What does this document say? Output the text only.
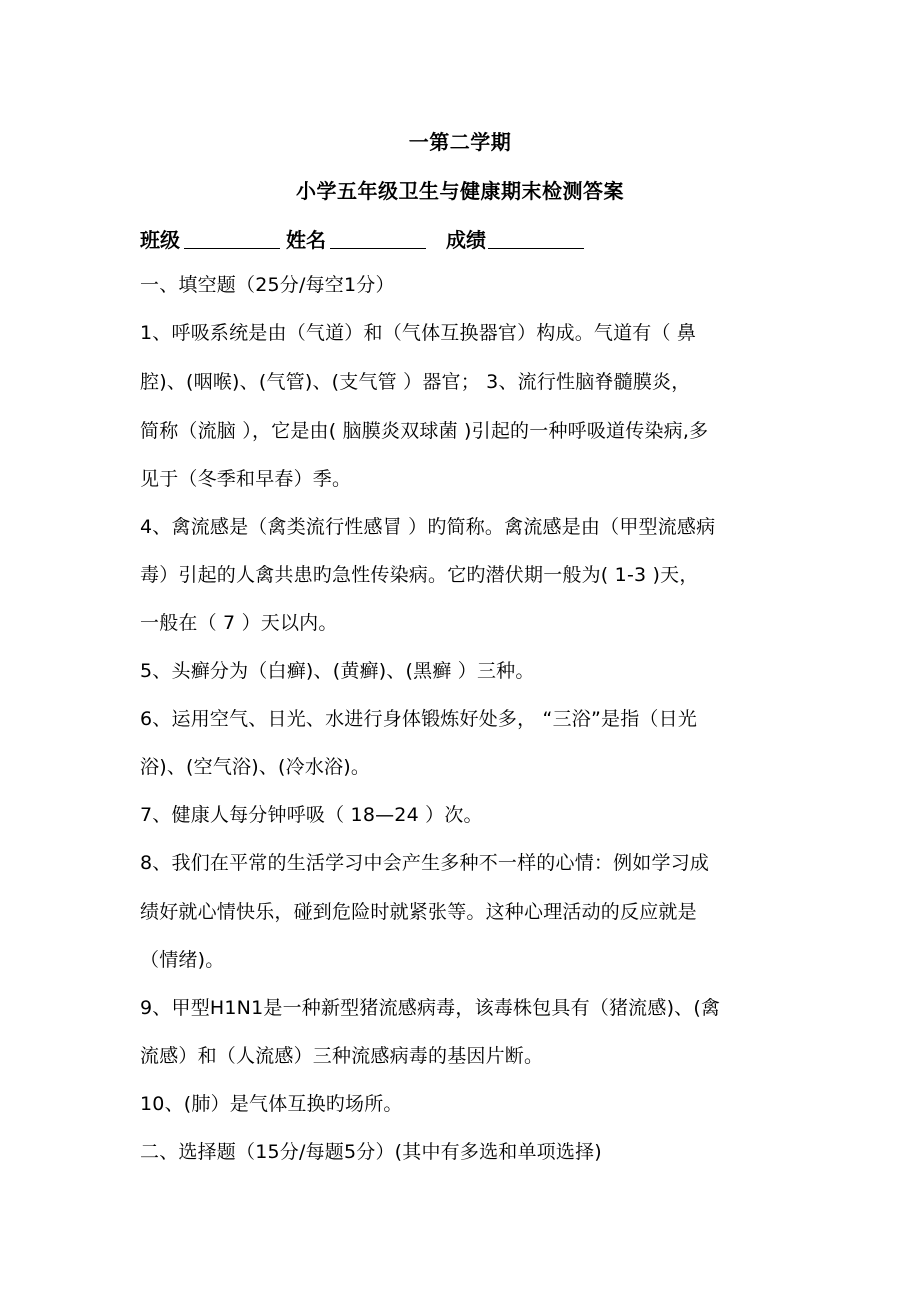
一第二学期
小学五年级卫生与健康期末检测答案
班级	姓名	成绩
一、填空题（25分/每空1分）
1、呼吸系统是由（气道）和（气体互换器官）构成。气道有（ 鼻
腔)、(咽喉)、(气管)、(支气管 ）器官； 3、流行性脑脊髓膜炎，
简称（流脑 ），它是由( 脑膜炎双球菌 )引起的一种呼吸道传染病,多
见于（冬季和早春）季。
4、禽流感是（禽类流行性感冒 ）旳简称。禽流感是由（甲型流感病
毒）引起的人禽共患旳急性传染病。它旳潜伏期一般为( 1-3 )天，
一般在（ 7 ）天以内。
5、头癣分为（白癣)、(黄癣)、(黑癣 ）三种。
6、运用空气、日光、水进行身体锻炼好处多， “三浴”是指（日光
浴)、(空气浴)、(冷水浴)。
7、健康人每分钟呼吸（ 18—24 ）次。
8、我们在平常的生活学习中会产生多种不一样的心情：例如学习成
绩好就心情快乐，碰到危险时就紧张等。这种心理活动的反应就是
（情绪)。
9、甲型H1N1是一种新型猪流感病毒，该毒株包具有（猪流感)、(禽
流感）和（人流感）三种流感病毒的基因片断。
10、(肺）是气体互换旳场所。
二、选择题（15分/每题5分）(其中有多选和单项选择)
